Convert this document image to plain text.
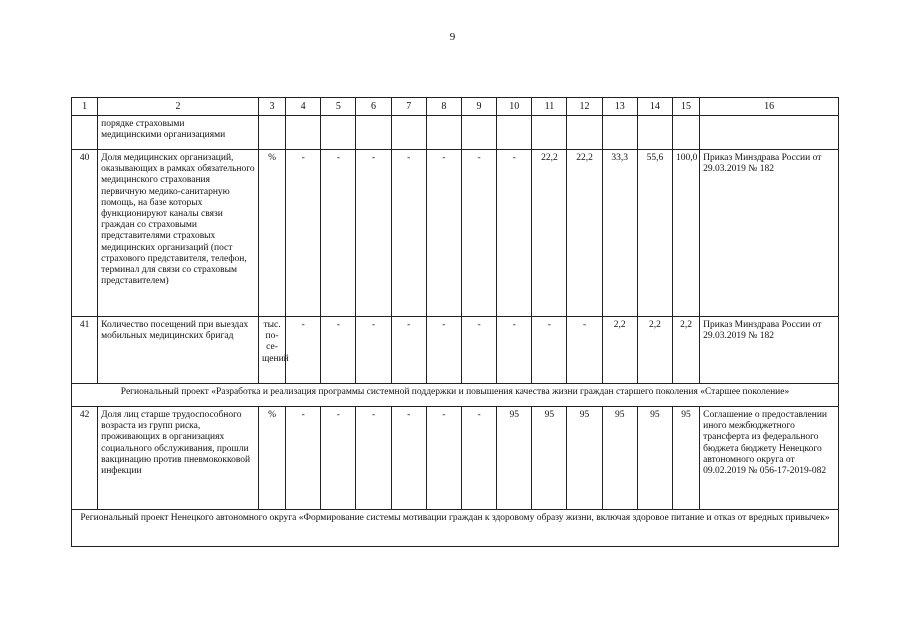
9
1	2	3	4	5	6	7	8	9	10	11	12	13	14	15	16
	порядке страховыми
медицинскими организациями														
40	Доля медицинских организаций, оказывающих в рамках обязательного медицинского страхования первичную медико-санитарную помощь, на базе которых функционируют каналы связи граждан со страховыми представителями страховых медицинских организаций (пост страхового представителя, телефон, терминал для связи со страховым представителем)	%	-	-	-	-	-	-	-	22,2	22,2	33,3	55,6	100,0	Приказ Минздрава России от 29.03.2019 № 182
41	Количество посещений при выездах мобильных медицинских бригад	тыс. по-се-щений	-	-	-	-	-	-	-	-	-	2,2	2,2	2,2	Приказ Минздрава России от 29.03.2019 № 182
Региональный проект «Разработка и реализация программы системной поддержки и повышения качества жизни граждан старшего поколения «Старшее поколение»															
42	Доля лиц старше трудоспособного возраста из групп риска, проживающих в организациях социального обслуживания, прошли вакцинацию против пневмококковой инфекции	%	-	-	-	-	-	-	95	95	95	95	95	95	Соглашение о предоставлении иного межбюджетного трансферта из федерального бюджета бюджету Ненецкого автономного округа от 09.02.2019 № 056-17-2019-082
Региональный проект Ненецкого автономного округа «Формирование системы мотивации граждан к здоровому образу жизни, включая здоровое питание и отказ от вредных привычек»															
